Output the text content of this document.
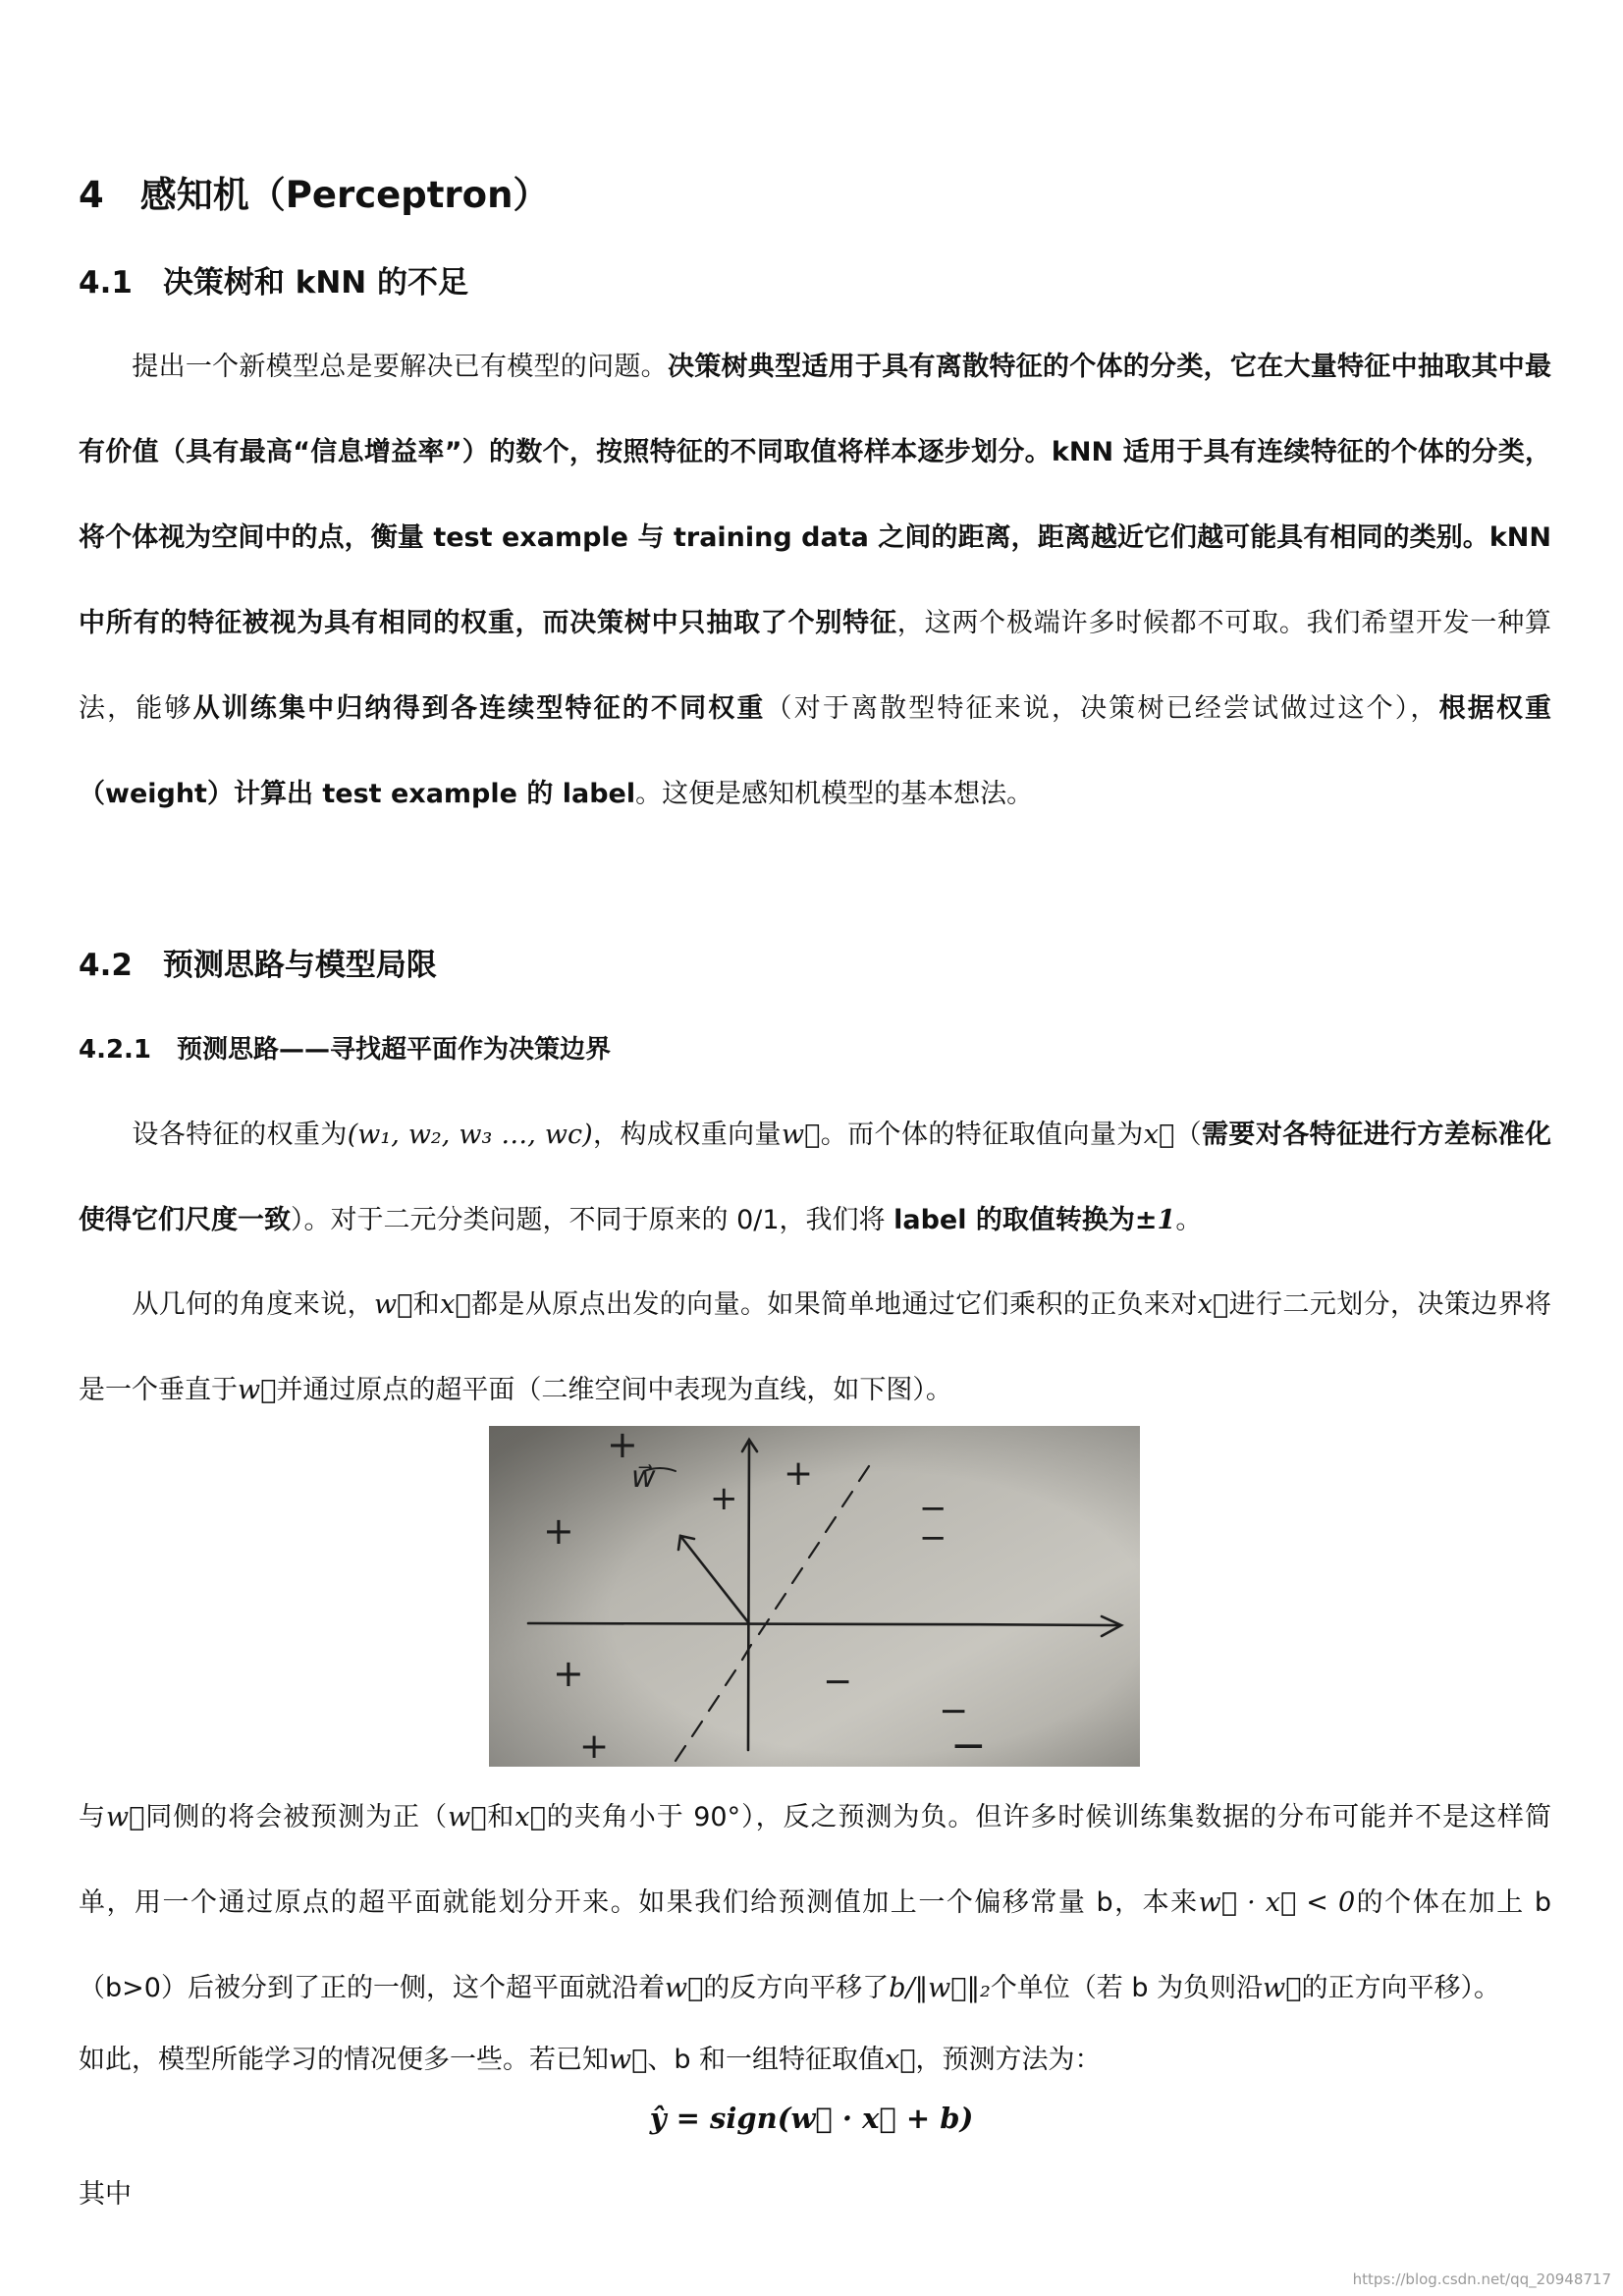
4　感知机（Perceptron）
4.1　决策树和 kNN 的不足
提出一个新模型总是要解决已有模型的问题。决策树典型适用于具有离散特征的个体的分类，它在大量特征中抽取其中最有价值（具有最高“信息增益率”）的数个，按照特征的不同取值将样本逐步划分。kNN 适用于具有连续特征的个体的分类，将个体视为空间中的点，衡量 test example 与 training data 之间的距离，距离越近它们越可能具有相同的类别。kNN 中所有的特征被视为具有相同的权重，而决策树中只抽取了个别特征，这两个极端许多时候都不可取。我们希望开发一种算法，能够从训练集中归纳得到各连续型特征的不同权重（对于离散型特征来说，决策树已经尝试做过这个），根据权重（weight）计算出 test example 的 label。这便是感知机模型的基本想法。
4.2　预测思路与模型局限
4.2.1　预测思路——寻找超平面作为决策边界
设各特征的权重为(w₁, w₂, w₃ …, w𝑐)，构成权重向量w⃗。而个体的特征取值向量为x⃗（需要对各特征进行方差标准化使得它们尺度一致）。对于二元分类问题，不同于原来的 0/1，我们将 label 的取值转换为±1。
从几何的角度来说，w⃗和x⃗都是从原点出发的向量。如果简单地通过它们乘积的正负来对x⃗进行二元划分，决策边界将是一个垂直于w⃗并通过原点的超平面（二维空间中表现为直线，如下图）。
w⃗
+
+
+
+
+
+
−
−
−
−
−
与w⃗同侧的将会被预测为正（w⃗和x⃗的夹角小于 90°），反之预测为负。但许多时候训练集数据的分布可能并不是这样简单，用一个通过原点的超平面就能划分开来。如果我们给预测值加上一个偏移常量 b，本来w⃗ · x⃗ < 0的个体在加上 b（b>0）后被分到了正的一侧，这个超平面就沿着w⃗的反方向平移了b/‖w⃗‖₂个单位（若 b 为负则沿w⃗的正方向平移）。
如此，模型所能学习的情况便多一些。若已知w⃗、b 和一组特征取值x⃗，预测方法为：
ŷ = sign(w⃗ · x⃗ + b)
其中
https://blog.csdn.net/qq_20948717
